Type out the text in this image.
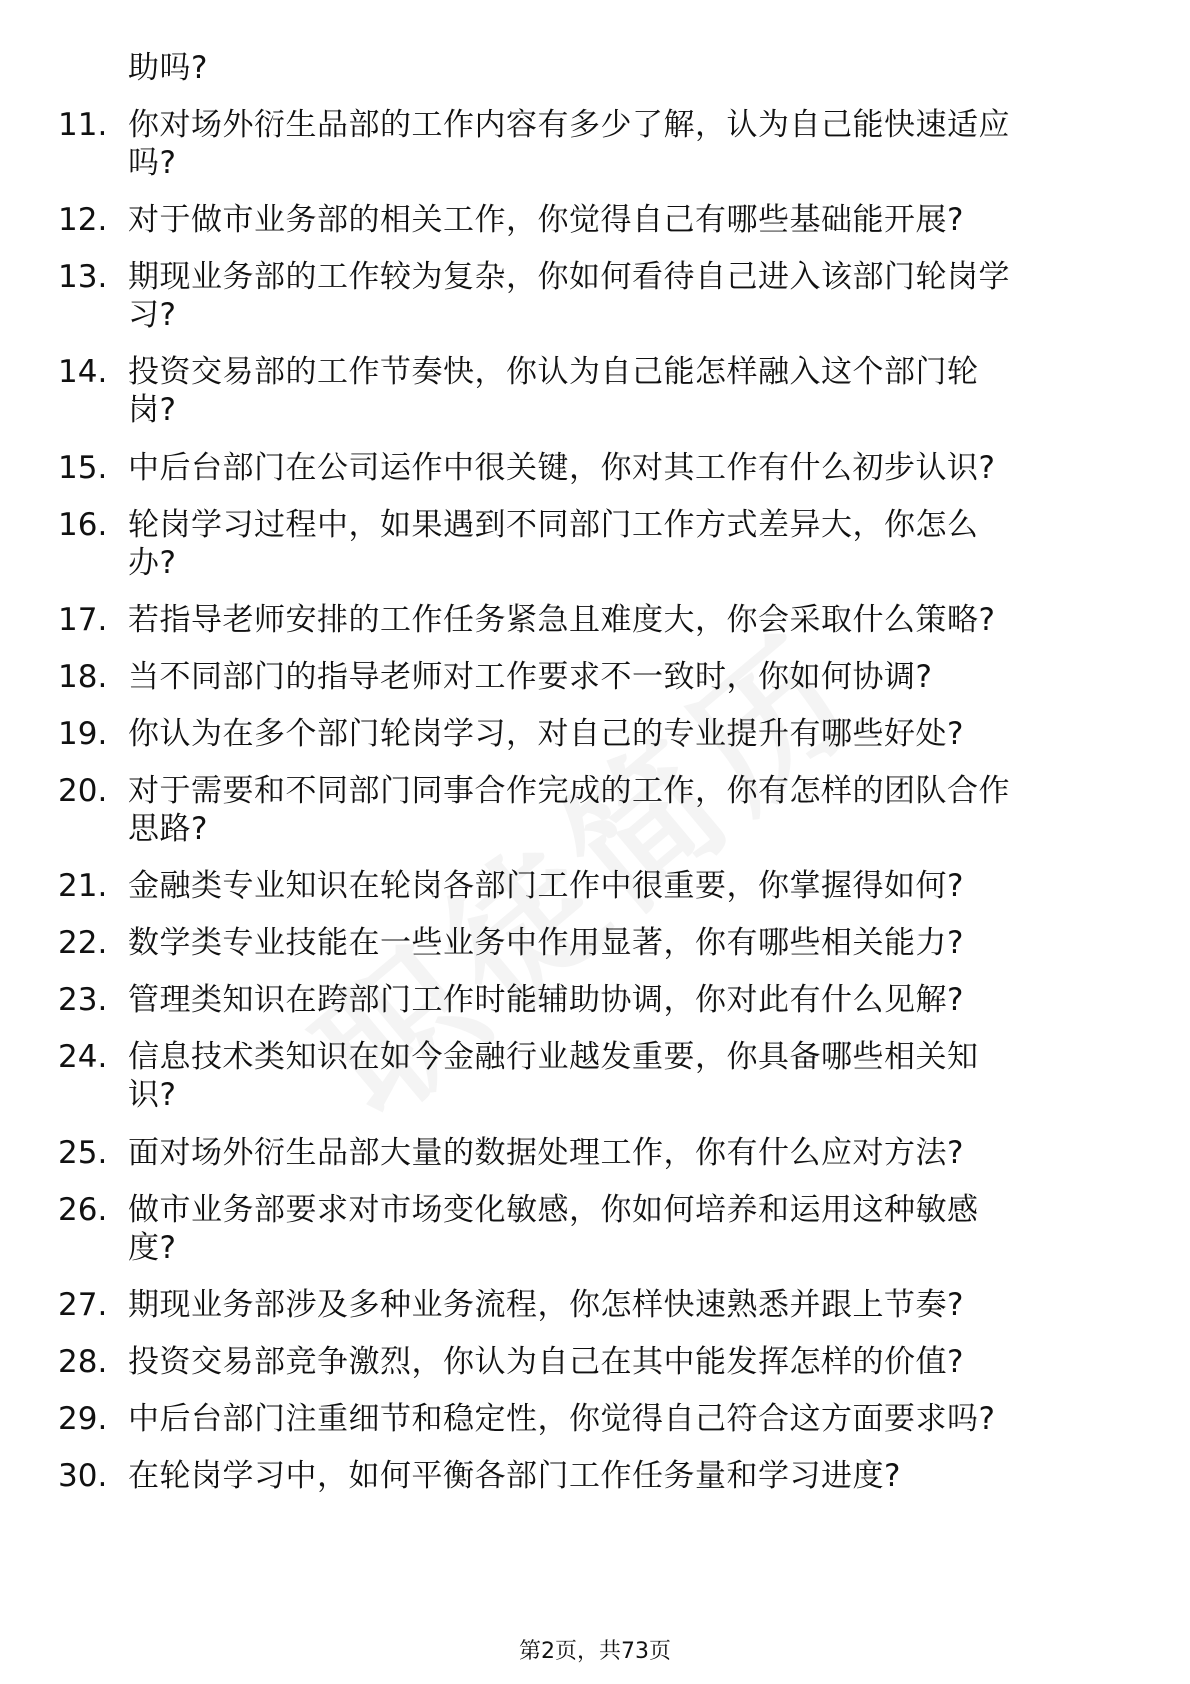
助吗?
11. 你对场外衍生品部的工作内容有多少了解，认为自己能快速适应
吗?
12. 对于做市业务部的相关工作，你觉得自己有哪些基础能开展?
13. 期现业务部的工作较为复杂，你如何看待自己进入该部门轮岗学
习?
14. 投资交易部的工作节奏快，你认为自己能怎样融入这个部门轮
岗?
15. 中后台部门在公司运作中很关键，你对其工作有什么初步认识?
16. 轮岗学习过程中，如果遇到不同部门工作方式差异大，你怎么
办?
17. 若指导老师安排的工作任务紧急且难度大，你会采取什么策略?
18. 当不同部门的指导老师对工作要求不一致时，你如何协调?
19. 你认为在多个部门轮岗学习，对自己的专业提升有哪些好处?
20. 对于需要和不同部门同事合作完成的工作，你有怎样的团队合作
思路?
21. 金融类专业知识在轮岗各部门工作中很重要，你掌握得如何?
22. 数学类专业技能在一些业务中作用显著，你有哪些相关能力?
23. 管理类知识在跨部门工作时能辅助协调，你对此有什么见解?
24. 信息技术类知识在如今金融行业越发重要，你具备哪些相关知
识?
25. 面对场外衍生品部大量的数据处理工作，你有什么应对方法?
26. 做市业务部要求对市场变化敏感，你如何培养和运用这种敏感
度?
27. 期现业务部涉及多种业务流程，你怎样快速熟悉并跟上节奏?
28. 投资交易部竞争激烈，你认为自己在其中能发挥怎样的价值?
29. 中后台部门注重细节和稳定性，你觉得自己符合这方面要求吗?
30. 在轮岗学习中，如何平衡各部门工作任务量和学习进度?
第2页，共73页
